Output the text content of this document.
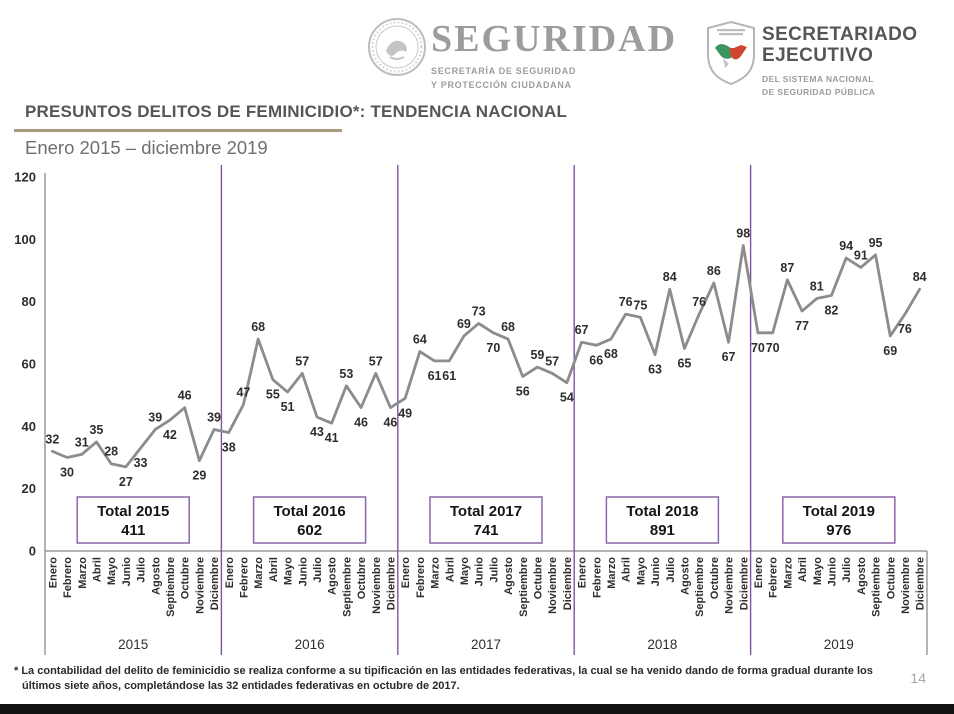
SEGURIDAD
SECRETARÍA DE SEGURIDAD
Y PROTECCIÓN CIUDADANA
SECRETARIADO
EJECUTIVO
DEL SISTEMA NACIONAL
DE SEGURIDAD PÚBLICA
PRESUNTOS DELITOS DE FEMINICIDIO*: TENDENCIA NACIONAL
Enero 2015 – diciembre 2019
0
20
40
60
80
100
120
32
Enero
30
Febrero
31
Marzo
35
Abril
28
Mayo
27
Junio
33
Julio
39
Agosto
42
Septiembre
46
Octubre
29
Noviembre
39
Diciembre
Total 2015
411
2015
38
Enero
47
Febrero
68
Marzo
55
Abril
51
Mayo
57
Junio
43
Julio
41
Agosto
53
Septiembre
46
Octubre
57
Noviembre
46
Diciembre
Total 2016
602
2016
49
Enero
64
Febrero
61
Marzo
61
Abril
69
Mayo
73
Junio
70
Julio
68
Agosto
56
Septiembre
59
Octubre
57
Noviembre
54
Diciembre
Total 2017
741
2017
67
Enero
66
Febrero
68
Marzo
76
Abril
75
Mayo
63
Junio
84
Julio
65
Agosto
76
Septiembre
86
Octubre
67
Noviembre
98
Diciembre
Total 2018
891
2018
70
Enero
70
Febrero
87
Marzo
77
Abril
81
Mayo
82
Junio
94
Julio
91
Agosto
95
Septiembre
69
Octubre
76
Noviembre
84
Diciembre
Total 2019
976
2019
* La contabilidad del delito de feminicidio se realiza conforme a su tipificación en las entidades federativas, la cual se ha venido dando de forma gradual durante los
últimos siete años, completándose las 32 entidades federativas en octubre de 2017.	14
